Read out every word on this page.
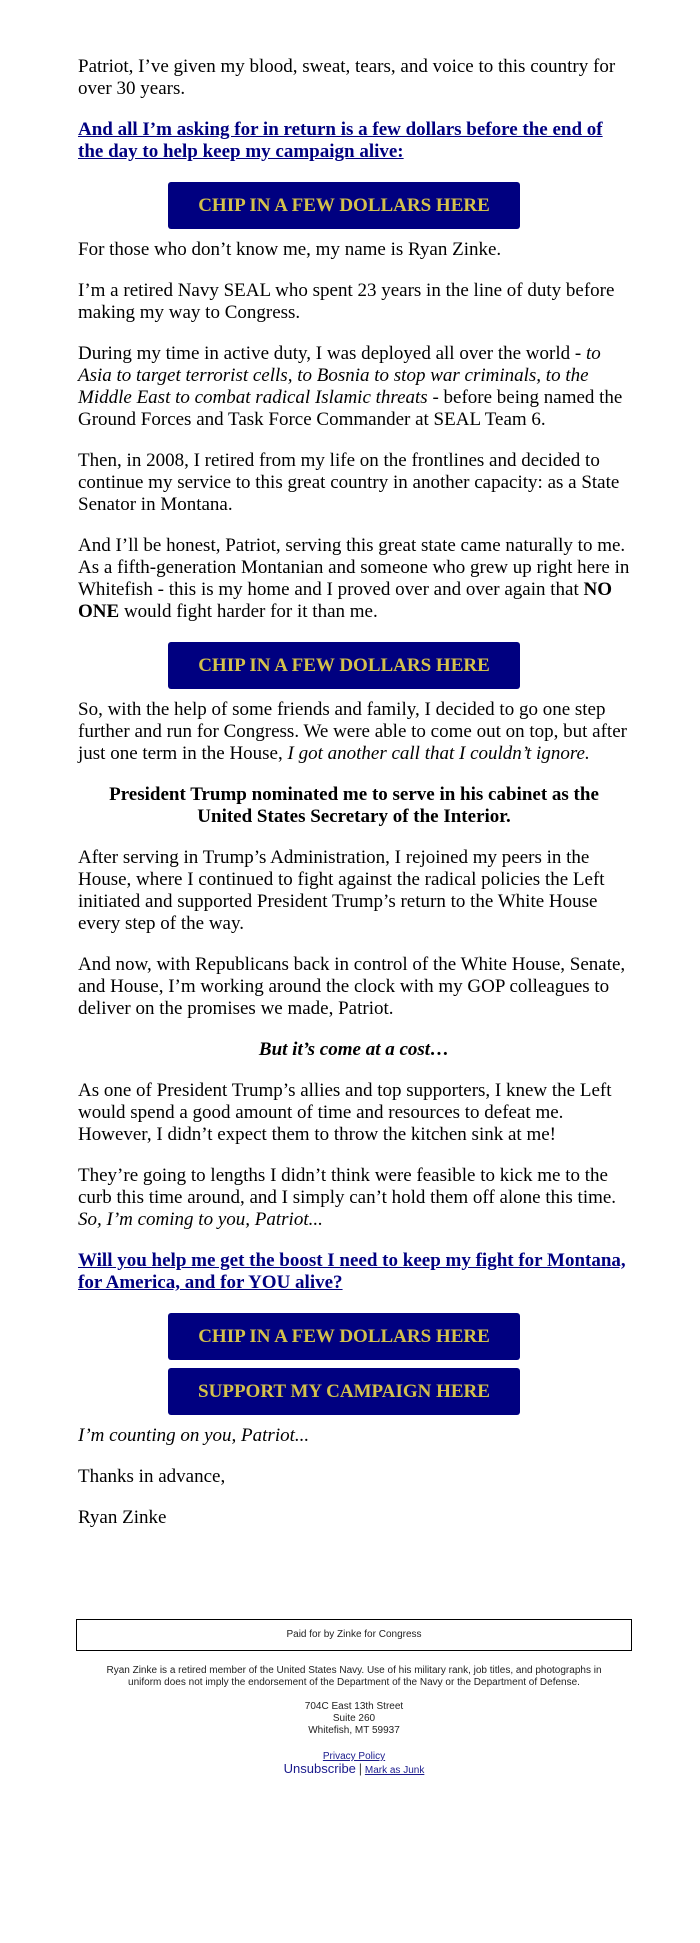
Patriot, I’ve given my blood, sweat, tears, and voice to this country for over 30 years.

And all I’m asking for in return is a few dollars before the end of the day to help keep my campaign alive:

CHIP IN A FEW DOLLARS HERE

For those who don’t know me, my name is Ryan Zinke.

I’m a retired Navy SEAL who spent 23 years in the line of duty before making my way to Congress.

During my time in active duty, I was deployed all over the world - to Asia to target terrorist cells, to Bosnia to stop war criminals, to the Middle East to combat radical Islamic threats - before being named the Ground Forces and Task Force Commander at SEAL Team 6.

Then, in 2008, I retired from my life on the frontlines and decided to continue my service to this great country in another capacity: as a State Senator in Montana.

And I’ll be honest, Patriot, serving this great state came naturally to me. As a fifth-generation Montanian and someone who grew up right here in Whitefish - this is my home and I proved over and over again that NO ONE would fight harder for it than me.

CHIP IN A FEW DOLLARS HERE

So, with the help of some friends and family, I decided to go one step further and run for Congress. We were able to come out on top, but after just one term in the House, I got another call that I couldn’t ignore.

President Trump nominated me to serve in his cabinet as the United States Secretary of the Interior.

After serving in Trump’s Administration, I rejoined my peers in the House, where I continued to fight against the radical policies the Left initiated and supported President Trump’s return to the White House every step of the way.

And now, with Republicans back in control of the White House, Senate, and House, I’m working around the clock with my GOP colleagues to deliver on the promises we made, Patriot.

But it’s come at a cost…

As one of President Trump’s allies and top supporters, I knew the Left would spend a good amount of time and resources to defeat me. However, I didn’t expect them to throw the kitchen sink at me!

They’re going to lengths I didn’t think were feasible to kick me to the curb this time around, and I simply can’t hold them off alone this time. So, I’m coming to you, Patriot...

Will you help me get the boost I need to keep my fight for Montana, for America, and for YOU alive?

CHIP IN A FEW DOLLARS HERE
SUPPORT MY CAMPAIGN HERE

I’m counting on you, Patriot...

Thanks in advance,

Ryan Zinke

Paid for by Zinke for Congress
Ryan Zinke is a retired member of the United States Navy. Use of his military rank, job titles, and photographs in uniform does not imply the endorsement of the Department of the Navy or the Department of Defense.
704C East 13th Street
Suite 260
Whitefish, MT 59937
Privacy Policy
Unsubscribe | Mark as Junk
